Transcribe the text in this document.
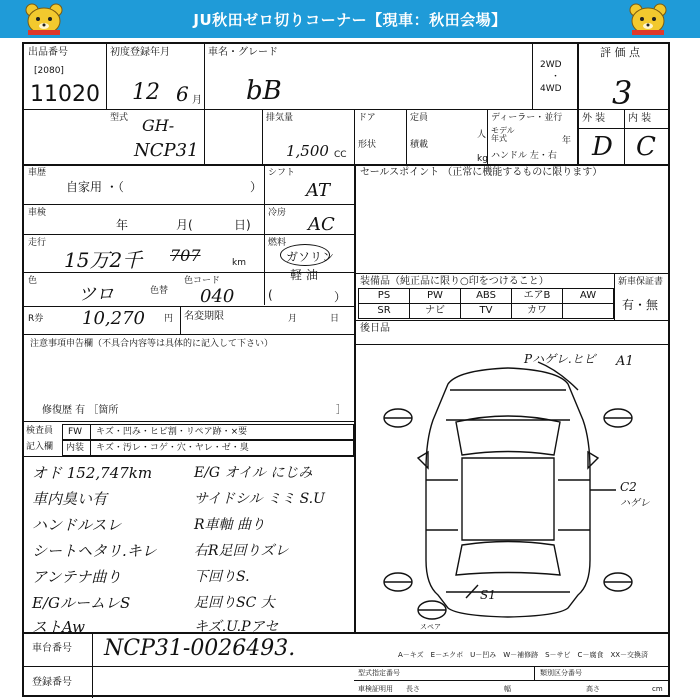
JU秋田ゼロ切りコーナー【現車：秋田会場】
出品番号
[2080]
11020
初度登録年月
12 6 月
車名・グレード
bB
2WD
・
4WD
評 価 点
3
型式 GH-
NCP31
排気量
1,500 CC
ドア	定員
人
形状	積載
kg
ディーラー・並行
モデル
年式	年
ハンドル 左・右
外 装 内 装
D C
車歴
自家用 ・（	）
シフト
AT
車検
年	月(	日)
冷房
AC
走行
15万2千 707	km
燃料
ガソリン
軽 油
色
ツロ	色替
色コード
040	(	）
R券 10,270 円 名変期限	月	日
注意事項申告欄（不具合内容等は具体的に記入して下さい）
修復歴 有 ［箇所	］
検査員
記入欄
FW キズ・凹み・ヒビ割・リペア跡・×要
内装 キズ・汚レ・コゲ・穴・ヤレ・ゼ・臭
オド 152,747km
車内臭い有
ハンドルスレ
シートヘタリ.キレ
アンテナ曲り
E/GルームレS
ストAw
E/G オイル にじみ
サイドシル ミミ S.U
R車軸 曲り
右R足回りズレ
下回りS.
足回りSC 大
キズ.U.Pアセ
セールスポイント （正常に機能するものに限ります）
装備品（純正品に限り○印をつけること）	新車保証書
有・無
PS	PW	ABS	エアB	AW
SR	ナビ	TV	カワ
後日品
Pハゲレ.ヒビ A1
C2
ハゲレ
S1
スペア
A－キズ　E－エクボ　U－凹み　W－補修跡　S－サビ　C－腐食　XX－交換済
車台番号 NCP31-0026493.
登録番号
型式指定番号	類別区分番号
車検証明用 長さ	幅	高さ	cm
